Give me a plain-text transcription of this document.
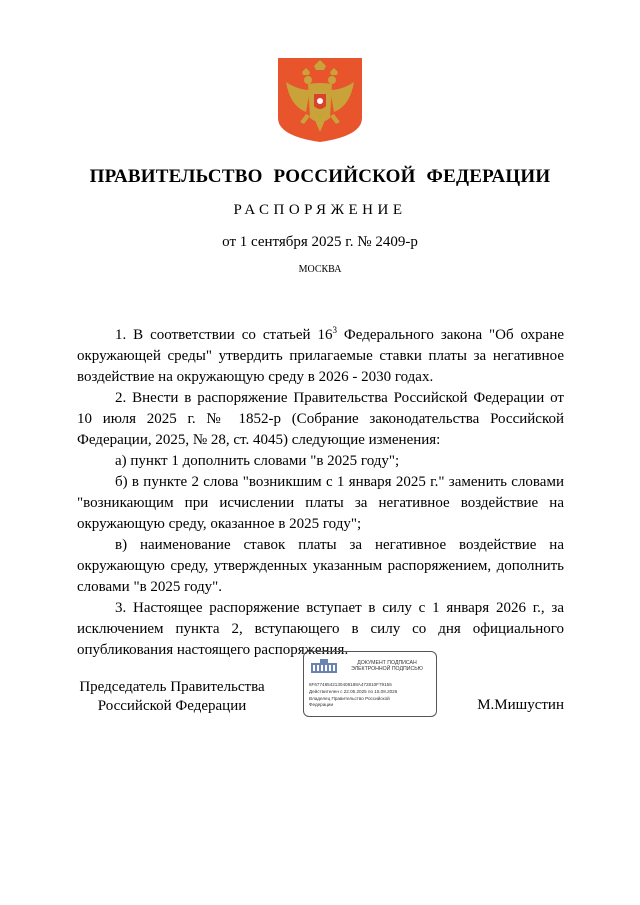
ПРАВИТЕЛЬСТВО РОССИЙСКОЙ ФЕДЕРАЦИИ
РАСПОРЯЖЕНИЕ
от 1 сентября 2025 г. № 2409-р
МОСКВА

1. В соответствии со статьей $16^3$ Федерального закона "Об охране окружающей среды" утвердить прилагаемые ставки платы за негативное воздействие на окружающую среду в 2026 - 2030 годах.

2. Внести в распоряжение Правительства Российской Федерации от 10 июля 2025 г. № 1852-р (Собрание законодательства Российской Федерации, 2025, № 28, ст. 4045) следующие изменения:

а) пункт 1 дополнить словами "в 2025 году";

б) в пункте 2 слова "возникшим с 1 января 2025 г." заменить словами "возникающим при исчислении платы за негативное воздействие на окружающую среду, оказанное в 2025 году";

в) наименование ставок платы за негативное воздействие на окружающую среду, утвержденных указанным распоряжением, дополнить словами "в 2025 году".

3. Настоящее распоряжение вступает в силу с 1 января 2026 г., за исключением пункта 2, вступающего в силу со дня официального опубликования настоящего распоряжения.

Председатель Правительства
Российской Федерации
ДОКУМЕНТ ПОДПИСАН
ЭЛЕКТРОННОЙ ПОДПИСЬЮ
6F67748542130408188A472810F79155
Действителен с 22.05.2025 по 15.08.2026
Владелец Правительство Российской
Федерации	М.Мишустин
